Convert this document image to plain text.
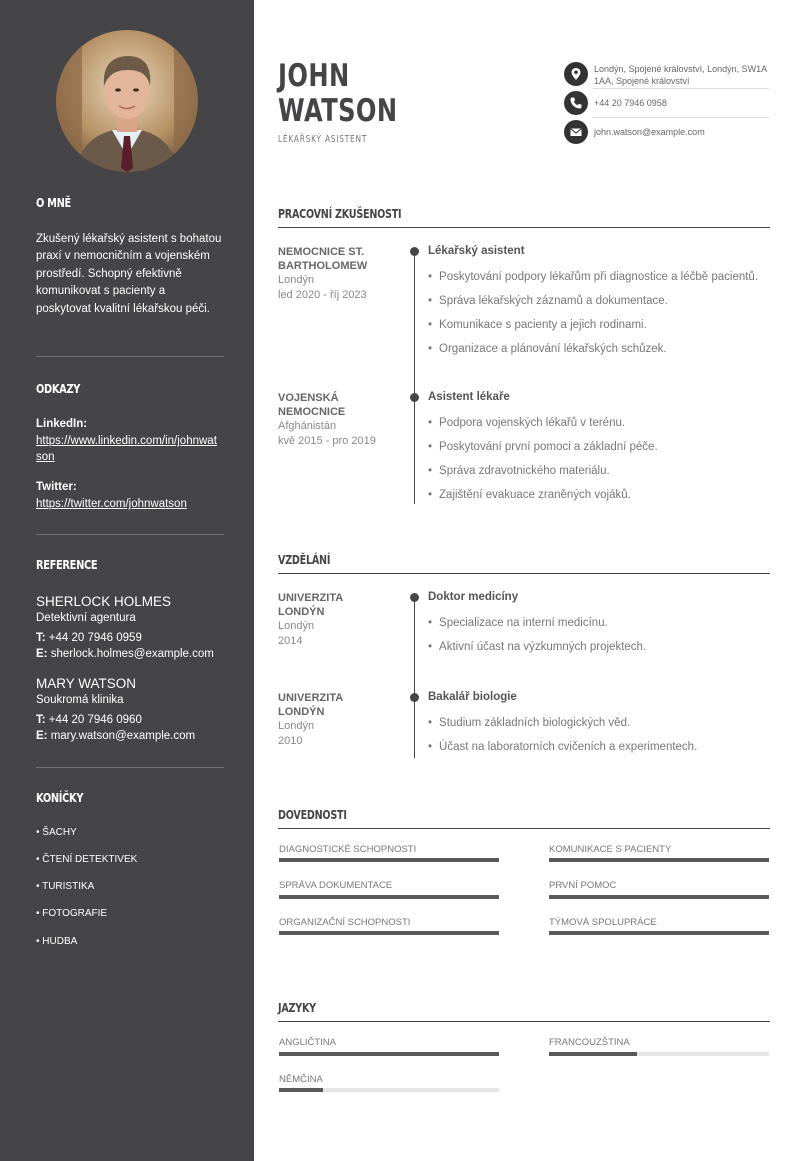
O MNĚ
Zkušený lékařský asistent s bohatou praxí v nemocničním a vojenském prostředí. Schopný efektivně komunikovat s pacienty a poskytovat kvalitní lékařskou péči.
ODKAZY
LinkedIn:
https://www.linkedin.com/in/johnwatson
Twitter:
https://twitter.com/johnwatson
REFERENCE
SHERLOCK HOLMES
Detektivní agentura
T: +44 20 7946 0959
E: sherlock.holmes@example.com
MARY WATSON
Soukromá klinika
T: +44 20 7946 0960
E: mary.watson@example.com
KONÍČKY
• ŠACHY
• ČTENÍ DETEKTIVEK
• TURISTIKA
• FOTOGRAFIE
• HUDBA
JOHN
WATSON
LÉKAŘSKÝ ASISTENT
Londýn, Spojené království, Londýn, SW1A 1AA, Spojené království
+44 20 7946 0958
john.watson@example.com
PRACOVNÍ ZKUŠENOSTI
NEMOCNICE ST. BARTHOLOMEW
Londýn
led 2020 - říj 2023
Lékařský asistent
• Poskytování podpory lékařům při diagnostice a léčbě pacientů.
• Správa lékařských záznamů a dokumentace.
• Komunikace s pacienty a jejich rodinami.
• Organizace a plánování lékařských schůzek.
VOJENSKÁ NEMOCNICE
Afghánistán
kvě 2015 - pro 2019
Asistent lékaře
• Podpora vojenských lékařů v terénu.
• Poskytování první pomoci a základní péče.
• Správa zdravotnického materiálu.
• Zajištění evakuace zraněných vojáků.
VZDĚLÁNÍ
UNIVERZITA LONDÝN
Londýn
2014
Doktor medicíny
• Specializace na interní medicínu.
• Aktivní účast na výzkumných projektech.
UNIVERZITA LONDÝN
Londýn
2010
Bakalář biologie
• Studium základních biologických věd.
• Účast na laboratorních cvičeních a experimentech.
DOVEDNOSTI
DIAGNOSTICKÉ SCHOPNOSTI	KOMUNIKACE S PACIENTY
SPRÁVA DOKUMENTACE	PRVNÍ POMOC
ORGANIZAČNÍ SCHOPNOSTI	TÝMOVÁ SPOLUPRÁCE
JAZYKY
ANGLIČTINA	FRANCOUZŠTINA
NĚMČINA
